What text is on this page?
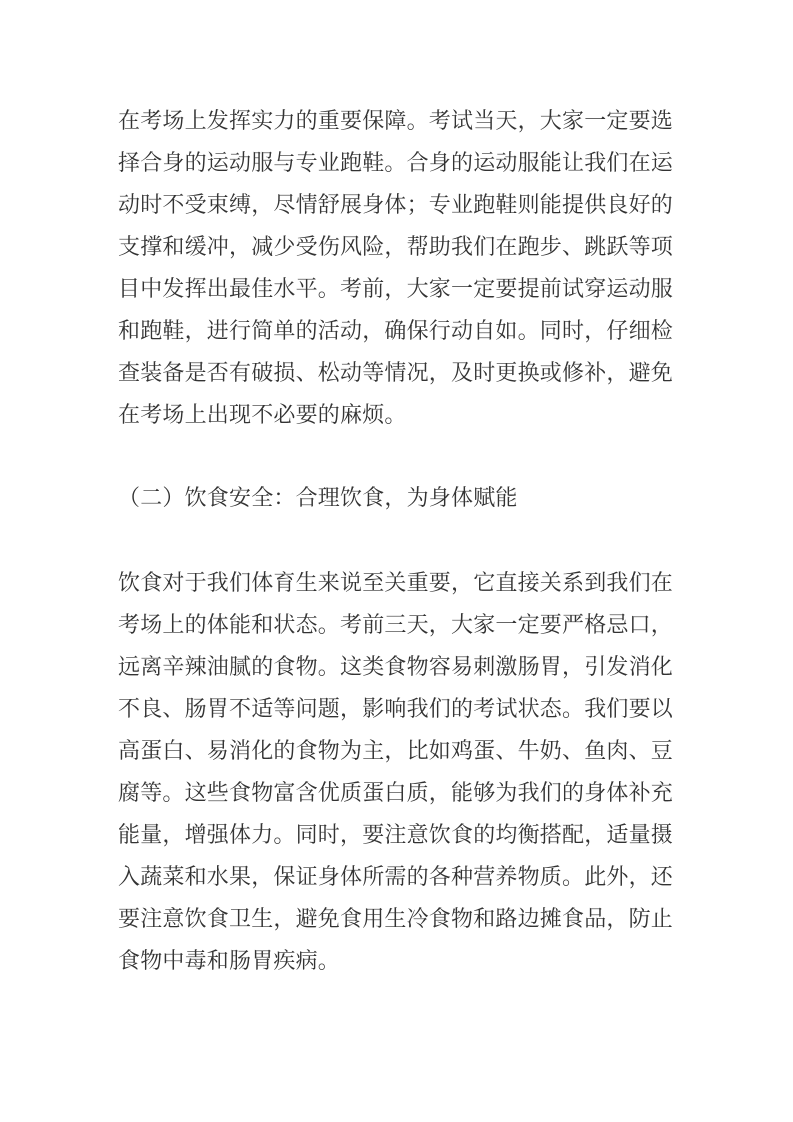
在考场上发挥实力的重要保障。考试当天，大家一定要选
择合身的运动服与专业跑鞋。合身的运动服能让我们在运
动时不受束缚，尽情舒展身体；专业跑鞋则能提供良好的
支撑和缓冲，减少受伤风险，帮助我们在跑步、跳跃等项
目中发挥出最佳水平。考前，大家一定要提前试穿运动服
和跑鞋，进行简单的活动，确保行动自如。同时，仔细检
查装备是否有破损、松动等情况，及时更换或修补，避免
在考场上出现不必要的麻烦。
（二）饮食安全：合理饮食，为身体赋能
饮食对于我们体育生来说至关重要，它直接关系到我们在
考场上的体能和状态。考前三天，大家一定要严格忌口，
远离辛辣油腻的食物。这类食物容易刺激肠胃，引发消化
不良、肠胃不适等问题，影响我们的考试状态。我们要以
高蛋白、易消化的食物为主，比如鸡蛋、牛奶、鱼肉、豆
腐等。这些食物富含优质蛋白质，能够为我们的身体补充
能量，增强体力。同时，要注意饮食的均衡搭配，适量摄
入蔬菜和水果，保证身体所需的各种营养物质。此外，还
要注意饮食卫生，避免食用生冷食物和路边摊食品，防止
食物中毒和肠胃疾病。
